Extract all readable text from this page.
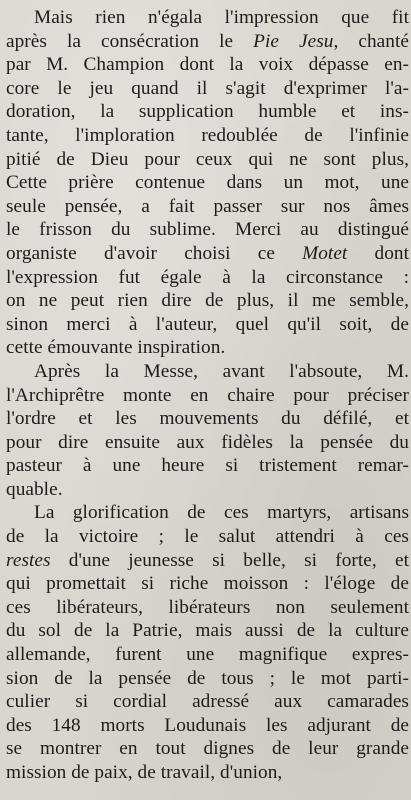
Mais rien n'égala l'impression que fit
après la consécration le Pie Jesu, chanté
par M. Champion dont la voix dépasse en-
core le jeu quand il s'agit d'exprimer l'a-
doration, la supplication humble et ins-
tante, l'imploration redoublée de l'infinie
pitié de Dieu pour ceux qui ne sont plus,
Cette prière contenue dans un mot, une
seule pensée, a fait passer sur nos âmes
le frisson du sublime. Merci au distingué
organiste d'avoir choisi ce Motet dont
l'expression fut égale à la circonstance :
on ne peut rien dire de plus, il me semble,
sinon merci à l'auteur, quel qu'il soit, de
cette émouvante inspiration.
Après la Messe, avant l'absoute, M.
l'Archiprêtre monte en chaire pour préciser
l'ordre et les mouvements du défilé, et
pour dire ensuite aux fidèles la pensée du
pasteur à une heure si tristement remar-
quable.
La glorification de ces martyrs, artisans
de la victoire ; le salut attendri à ces
restes d'une jeunesse si belle, si forte, et
qui promettait si riche moisson : l'éloge de
ces libérateurs, libérateurs non seulement
du sol de la Patrie, mais aussi de la culture
allemande, furent une magnifique expres-
sion de la pensée de tous ; le mot parti-
culier si cordial adressé aux camarades
des 148 morts Loudunais les adjurant de
se montrer en tout dignes de leur grande
mission de paix, de travail, d'union,
